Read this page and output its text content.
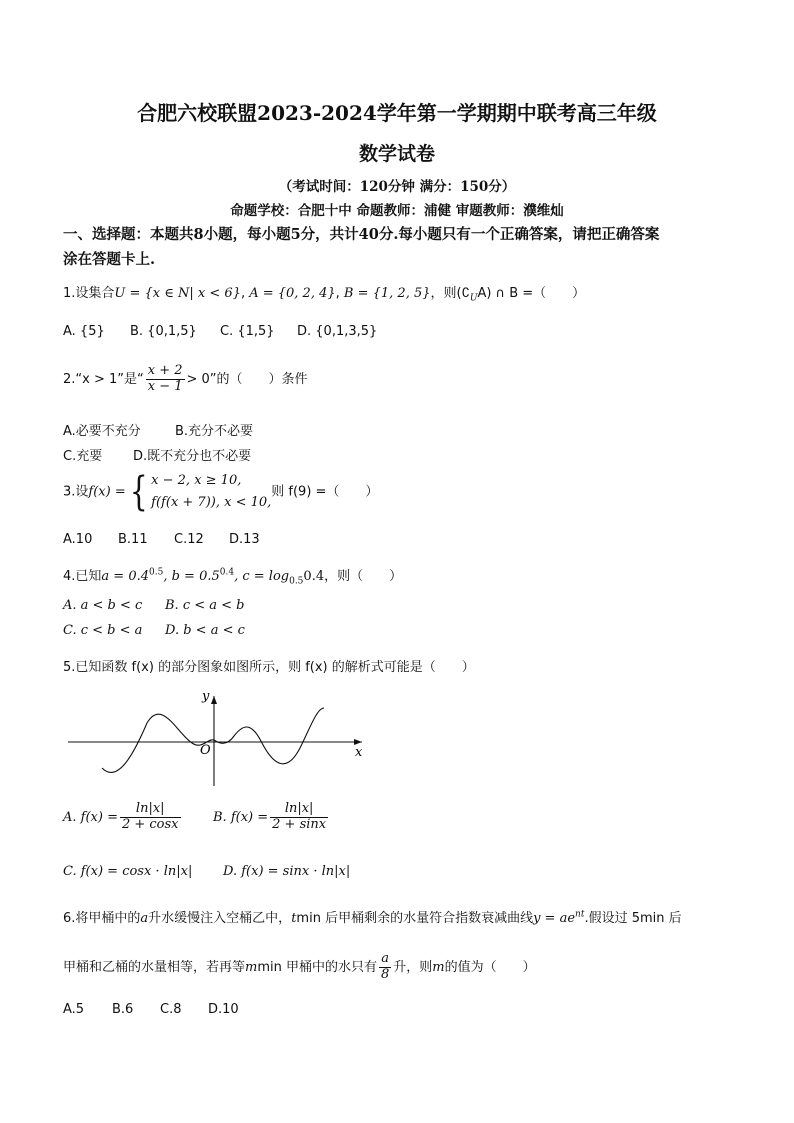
合肥六校联盟2023-2024学年第一学期期中联考高三年级
数学试卷
（考试时间：120分钟 满分：150分）
命题学校：合肥十中 命题教师：浦健 审题教师：濮维灿
一、选择题：本题共8小题，每小题5分，共计40分.每小题只有一个正确答案，请把正确答案
涂在答题卡上.
1.设集合U = {x ∈ N| x < 6}, A = {0, 2, 4}, B = {1, 2, 5}，则$(∁_UA)$ ∩ B =（　　）
A. {5} B. {0,1,5} C. {1,5} D. {0,1,3,5}
2.“x > 1”是“ $\frac{x + 2}{x - 1} > 0$”的（　　）条件
A.必要不充分	B.充分不必要
C.充要 D.既不充分也不必要
3.设f(x) ={ x − 2, x ≥ 10,
f(f(x + 7)), x < 10,
则 f(9) =（　　）
A.10 B.11 C.12 D.13
4.已知$a = 0.4^{0.5}$, $b = 0.5^{0.4}$, $c = \log_{0.5}0.4$，则（　　）
A. a < b < c B. c < a < b
C. c < b < a D. b < a < c
5.已知函数 f(x) 的部分图象如图所示，则 f(x) 的解析式可能是（　　）
y
x
O
A. $f(x) = \frac{\ln|x|}{2 + \cos x} B$. $f(x) = \frac{\ln|x|}{2 + \sin x}$
C. f(x) = cosx · ln|x| D. f(x) = sinx · ln|x|
6.将甲桶中的a升水缓慢注入空桶乙中，tmin 后甲桶剩余的水量符合指数衰减曲线$y = ae^{nt}$.假设过 5min 后
甲桶和乙桶的水量相等，若再等mmin 甲桶中的水只有 $\frac{a}{8}$ 升，则m的值为（　　）
A.5 B.6 C.8 D.10
